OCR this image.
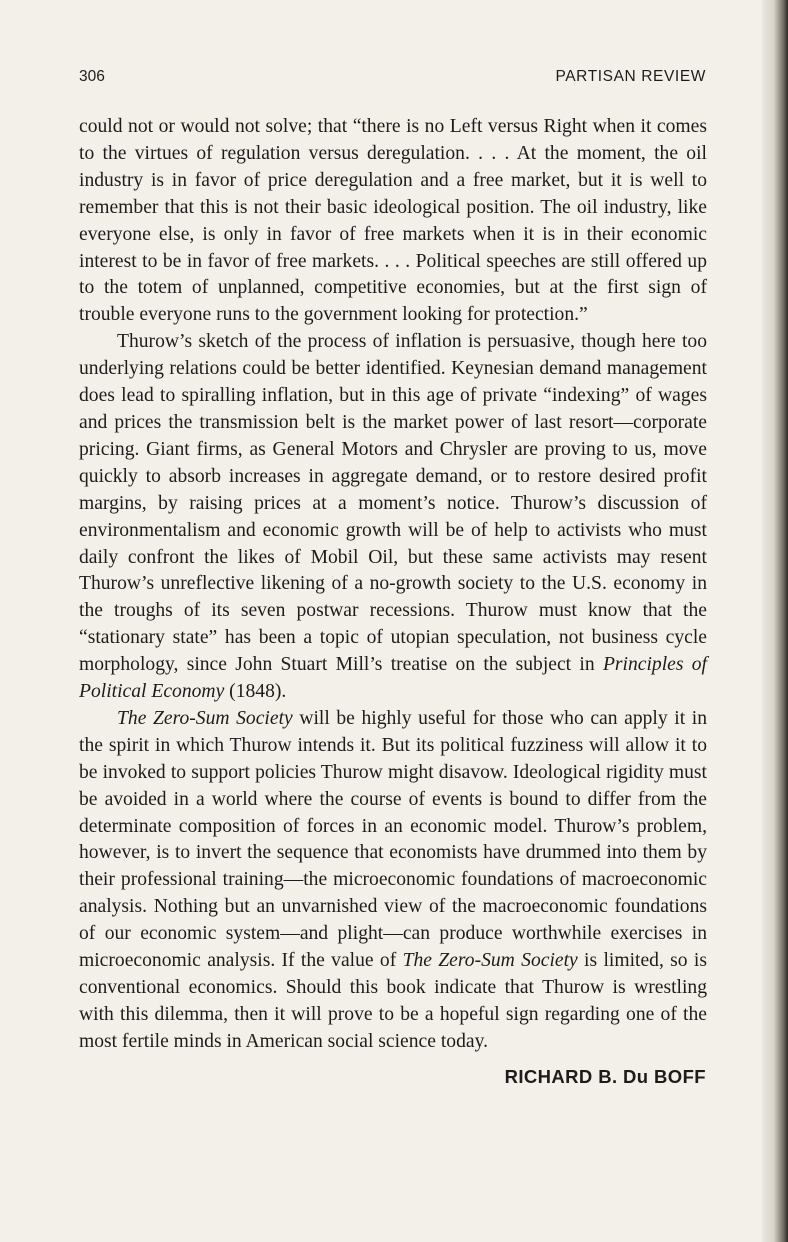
306	PARTISAN REVIEW

could not or would not solve; that “there is no Left versus Right when it comes to the virtues of regulation versus deregulation. . . . At the moment, the oil industry is in favor of price deregulation and a free market, but it is well to remember that this is not their basic ideological position. The oil industry, like everyone else, is only in favor of free markets when it is in their economic interest to be in favor of free markets. . . . Political speeches are still offered up to the totem of unplanned, competitive economies, but at the first sign of trouble everyone runs to the government looking for protection.”

Thurow’s sketch of the process of inflation is persuasive, though here too underlying relations could be better identified. Keynesian demand management does lead to spiralling inflation, but in this age of private “indexing” of wages and prices the transmission belt is the market power of last resort—corporate pricing. Giant firms, as General Motors and Chrysler are proving to us, move quickly to absorb increases in aggregate demand, or to restore desired profit margins, by raising prices at a moment’s notice. Thurow’s discussion of environmentalism and economic growth will be of help to activists who must daily confront the likes of Mobil Oil, but these same activists may resent Thurow’s unreflective likening of a no-growth society to the U.S. economy in the troughs of its seven postwar recessions. Thurow must know that the “stationary state” has been a topic of utopian speculation, not business cycle morphology, since John Stuart Mill’s treatise on the subject in Principles of Political Economy (1848).

The Zero-Sum Society will be highly useful for those who can apply it in the spirit in which Thurow intends it. But its political fuzziness will allow it to be invoked to support policies Thurow might disavow. Ideological rigidity must be avoided in a world where the course of events is bound to differ from the determinate composition of forces in an economic model. Thurow’s problem, however, is to invert the sequence that economists have drummed into them by their professional training—the microeconomic foundations of macroeconomic analysis. Nothing but an unvarnished view of the macroeconomic foundations of our economic system—and plight—can produce worthwhile exercises in microeconomic analysis. If the value of The Zero-Sum Society is limited, so is conventional economics. Should this book indicate that Thurow is wrestling with this dilemma, then it will prove to be a hopeful sign regarding one of the most fertile minds in American social science today.

RICHARD B. Du BOFF
